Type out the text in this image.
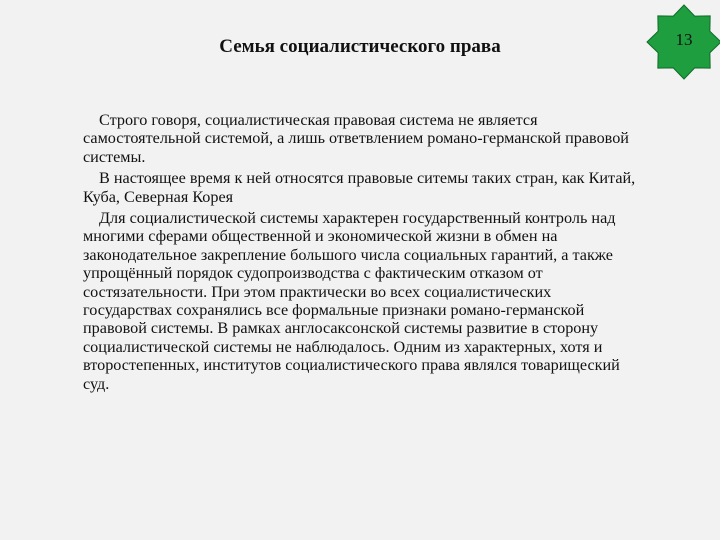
Семья социалистического права	13

Строго говоря, социалистическая правовая система не является самостоятельной системой, а лишь ответвлением романо-германской правовой системы.

В настоящее время к ней относятся правовые ситемы таких стран, как Китай, Куба, Северная Корея

Для социалистической системы характерен государственный контроль над многими сферами общественной и экономической жизни в обмен на законодательное закрепление большого числа социальных гарантий, а также упрощённый порядок судопроизводства с фактическим отказом от состязательности. При этом практически во всех социалистических государствах сохранялись все формальные признаки романо-германской правовой системы. В рамках англосаксонской системы развитие в сторону социалистической системы не наблюдалось. Одним из характерных, хотя и второстепенных, институтов социалистического права являлся товарищеский суд.
